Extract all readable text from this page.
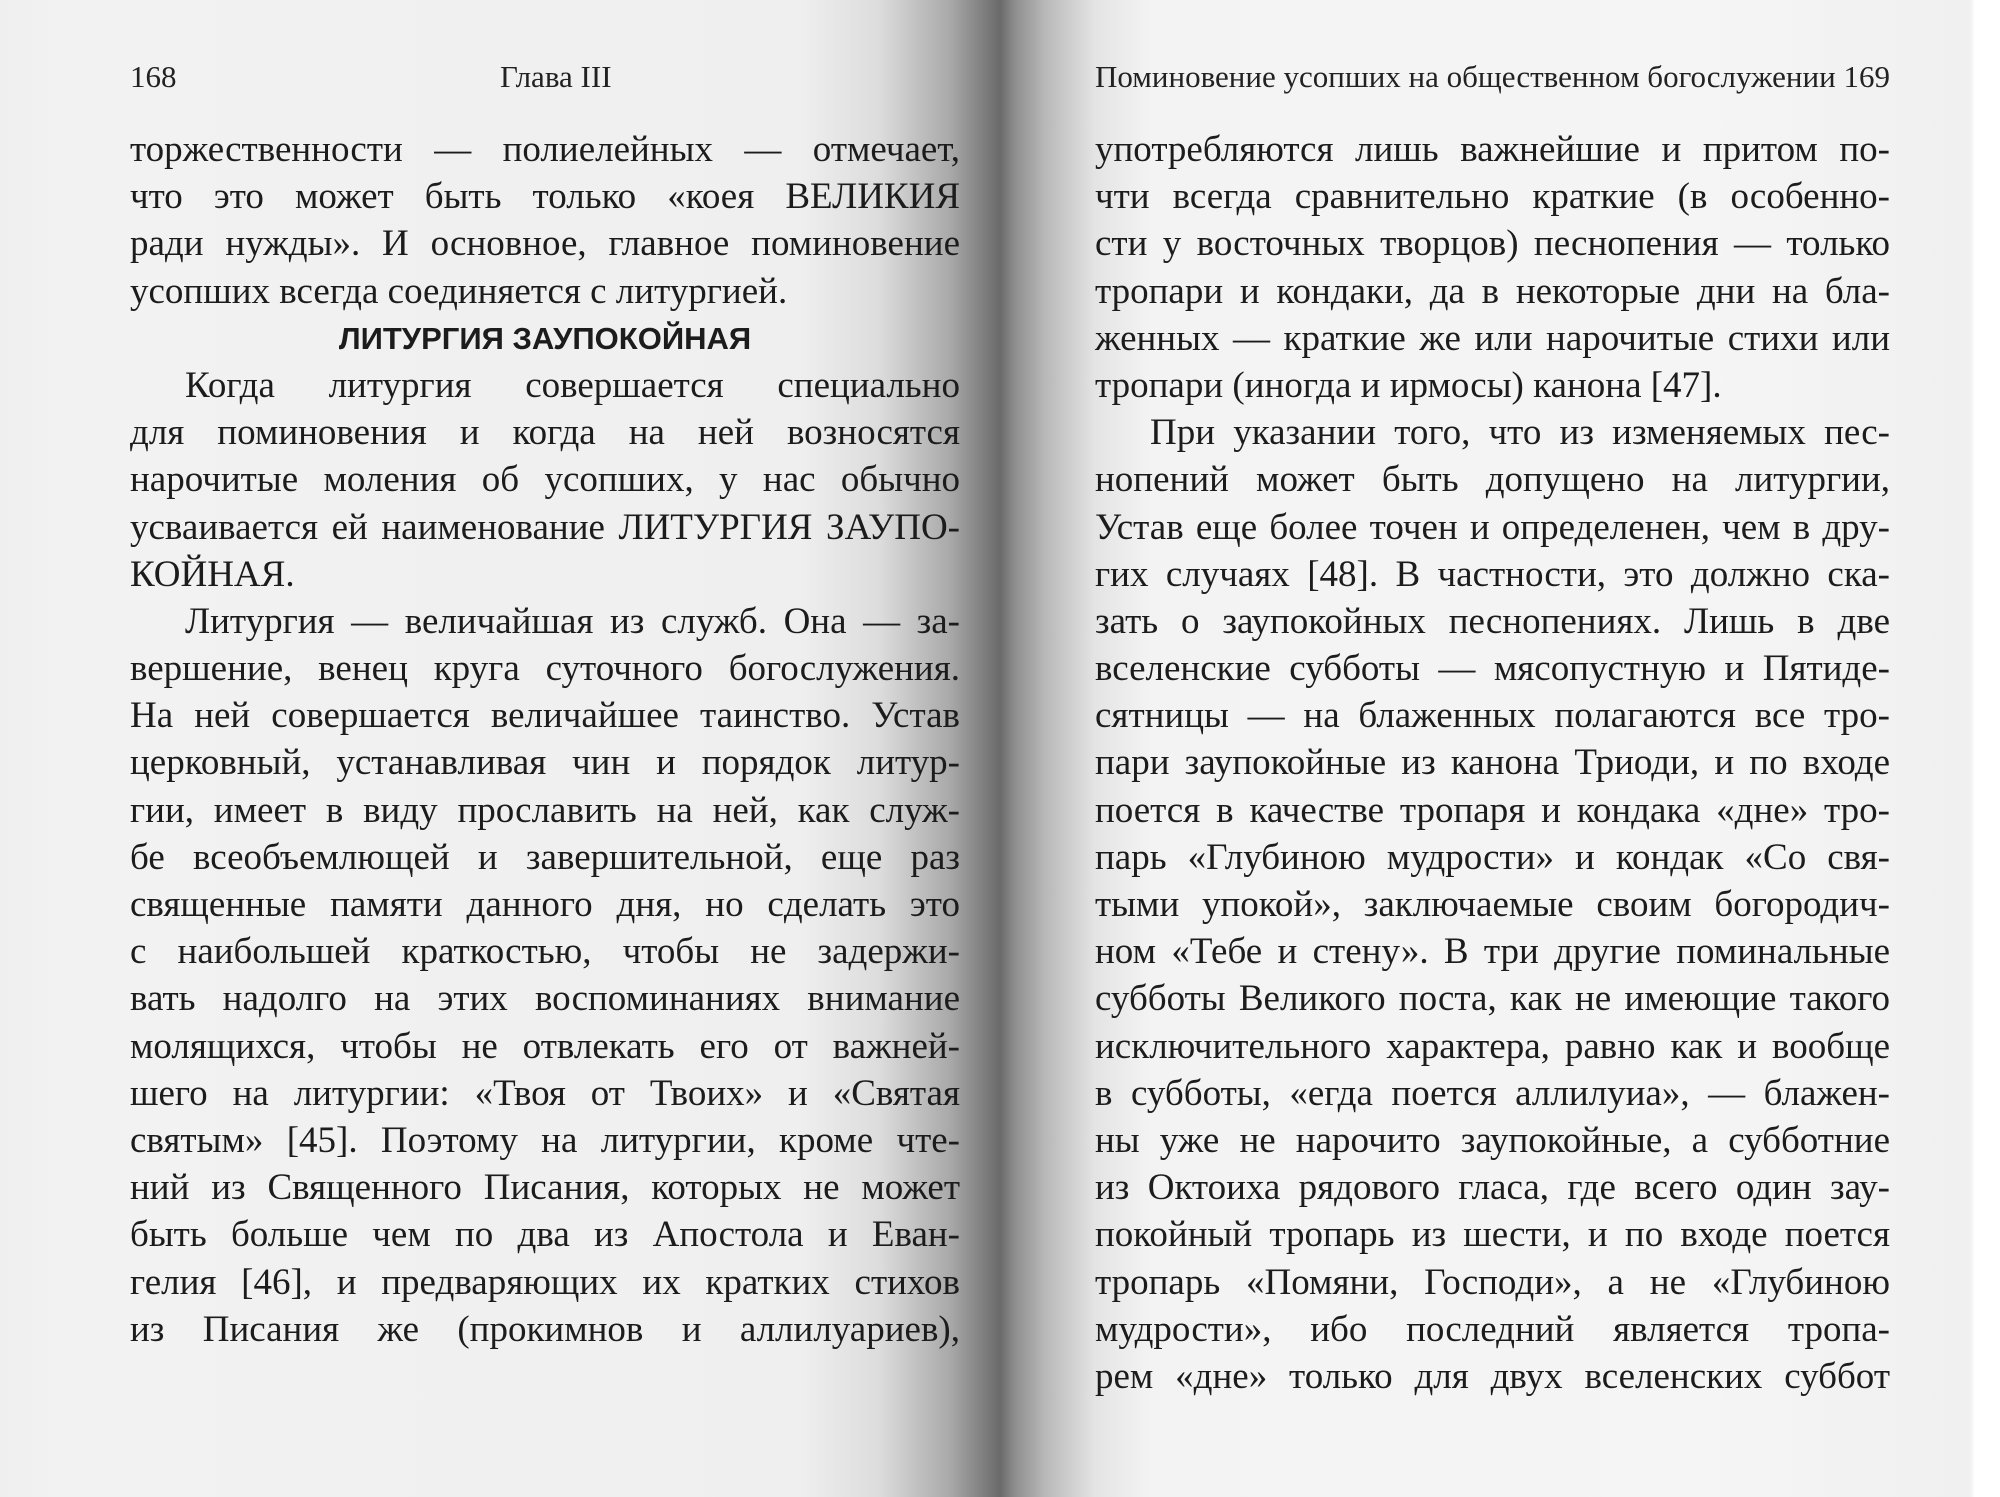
168	Глава III
торжественности — полиелейных — отмечает,
что это может быть только «коея ВЕЛИКИЯ
ради нужды». И основное, главное поминовение
усопших всегда соединяется с литургией.
ЛИТУРГИЯ ЗАУПОКОЙНАЯ
Когда литургия совершается специально
для поминовения и когда на ней возносятся
нарочитые моления об усопших, у нас обычно
усваивается ей наименование ЛИТУРГИЯ ЗАУПО-
КОЙНАЯ.
Литургия — величайшая из служб. Она — за-
вершение, венец круга суточного богослужения.
На ней совершается величайшее таинство. Устав
церковный, устанавливая чин и порядок литур-
гии, имеет в виду прославить на ней, как служ-
бе всеобъемлющей и завершительной, еще раз
священные памяти данного дня, но сделать это
с наибольшей краткостью, чтобы не задержи-
вать надолго на этих воспоминаниях внимание
молящихся, чтобы не отвлекать его от важней-
шего на литургии: «Твоя от Твоих» и «Святая
святым» [45]. Поэтому на литургии, кроме чте-
ний из Священного Писания, которых не может
быть больше чем по два из Апостола и Еван-
гелия [46], и предваряющих их кратких стихов
из Писания же (прокимнов и аллилуариев),
Поминовение усопших на общественном богослужении 169
употребляются лишь важнейшие и притом по-
чти всегда сравнительно краткие (в особенно-
сти у восточных творцов) песнопения — только
тропари и кондаки, да в некоторые дни на бла-
женных — краткие же или нарочитые стихи или
тропари (иногда и ирмосы) канона [47].
При указании того, что из изменяемых пес-
нопений может быть допущено на литургии,
Устав еще более точен и определенен, чем в дру-
гих случаях [48]. В частности, это должно ска-
зать о заупокойных песнопениях. Лишь в две
вселенские субботы — мясопустную и Пятиде-
сятницы — на блаженных полагаются все тро-
пари заупокойные из канона Триоди, и по входе
поется в качестве тропаря и кондака «дне» тро-
парь «Глубиною мудрости» и кондак «Со свя-
тыми упокой», заключаемые своим богородич-
ном «Тебе и стену». В три другие поминальные
субботы Великого поста, как не имеющие такого
исключительного характера, равно как и вообще
в субботы, «егда поется аллилуиа», — блажен-
ны уже не нарочито заупокойные, а субботние
из Октоиха рядового гласа, где всего один зау-
покойный тропарь из шести, и по входе поется
тропарь «Помяни, Господи», а не «Глубиною
мудрости», ибо последний является тропа-
рем «дне» только для двух вселенских суббот
